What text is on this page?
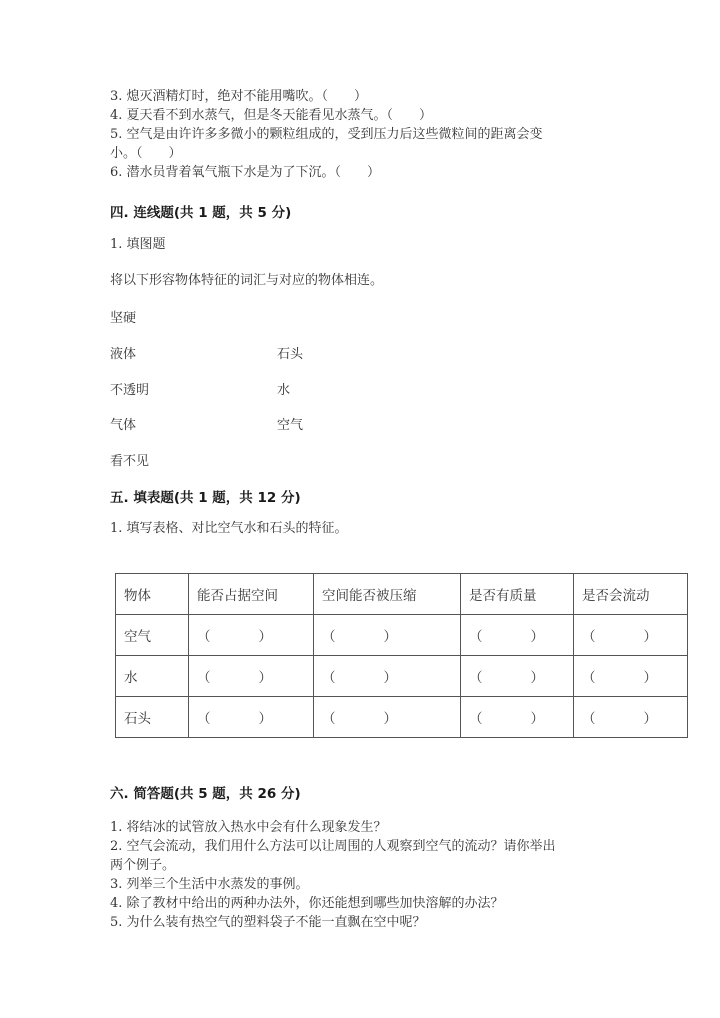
3. 熄灭酒精灯时，绝对不能用嘴吹。（　　）
4. 夏天看不到水蒸气，但是冬天能看见水蒸气。（　　）
5. 空气是由许许多多微小的颗粒组成的，受到压力后这些微粒间的距离会变
小。（　　）
6. 潜水员背着氧气瓶下水是为了下沉。（　　）
四. 连线题(共 1 题，共 5 分)
1. 填图题
将以下形容物体特征的词汇与对应的物体相连。
坚硬
液体
不透明
气体
看不见
石头
水
空气
五. 填表题(共 1 题，共 12 分)
1. 填写表格、对比空气水和石头的特征。
物体	能否占据空间	空间能否被压缩	是否有质量	是否会流动
空气	（ ）	（ ）	（ ）	（ ）
水	（ ）	（ ）	（ ）	（ ）
石头	（ ）	（ ）	（ ）	（ ）
六. 简答题(共 5 题，共 26 分)
1. 将结冰的试管放入热水中会有什么现象发生？
2. 空气会流动，我们用什么方法可以让周围的人观察到空气的流动？请你举出
两个例子。
3. 列举三个生活中水蒸发的事例。
4. 除了教材中给出的两种办法外，你还能想到哪些加快溶解的办法？
5. 为什么装有热空气的塑料袋子不能一直飘在空中呢？
